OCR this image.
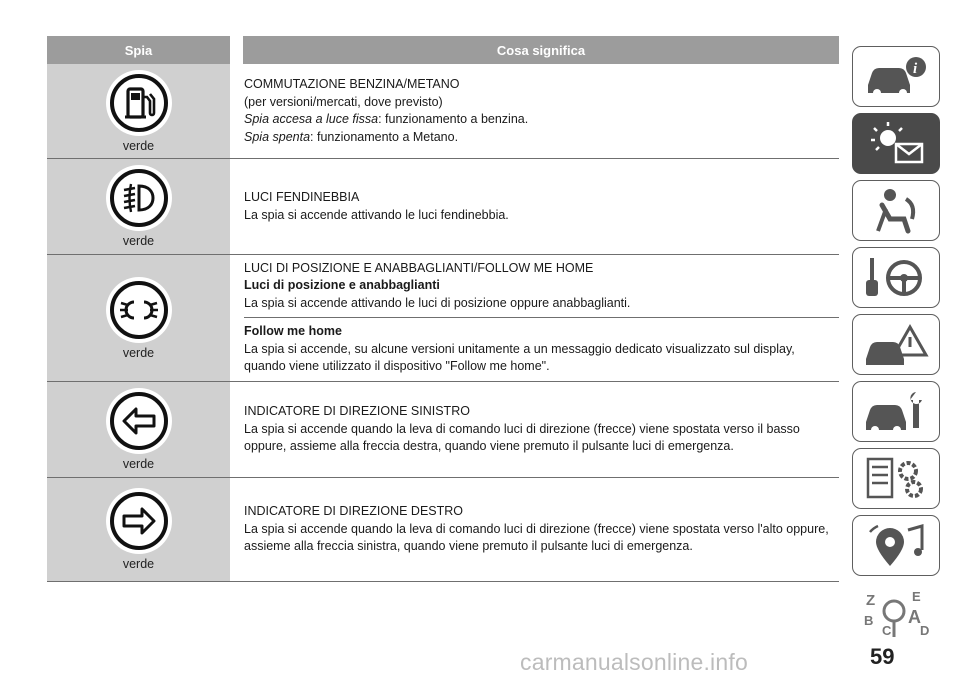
Spia	Cosa significa
verde

COMMUTAZIONE BENZINA/METANO

(per versioni/mercati, dove previsto)

Spia accesa a luce fissa: funzionamento a benzina.

Spia spenta: funzionamento a Metano.

verde

LUCI FENDINEBBIA

La spia si accende attivando le luci fendinebbia.

verde

LUCI DI POSIZIONE E ANABBAGLIANTI/FOLLOW ME HOME

Luci di posizione e anabbaglianti

La spia si accende attivando le luci di posizione oppure anabbaglianti.

Follow me home

La spia si accende, su alcune versioni unitamente a un messaggio dedicato visualizzato sul display,

quando viene utilizzato il dispositivo "Follow me home".

verde

INDICATORE DI DIREZIONE SINISTRO

La spia si accende quando la leva di comando luci di direzione (frecce) viene spostata verso il basso

oppure, assieme alla freccia destra, quando viene premuto il pulsante luci di emergenza.

verde

INDICATORE DI DIREZIONE DESTRO

La spia si accende quando la leva di comando luci di direzione (frecce) viene spostata verso l'alto oppure,

assieme alla freccia sinistra, quando viene premuto il pulsante luci di emergenza.

i
Z	E
B A
D
C
59
carmanualsonline.info
